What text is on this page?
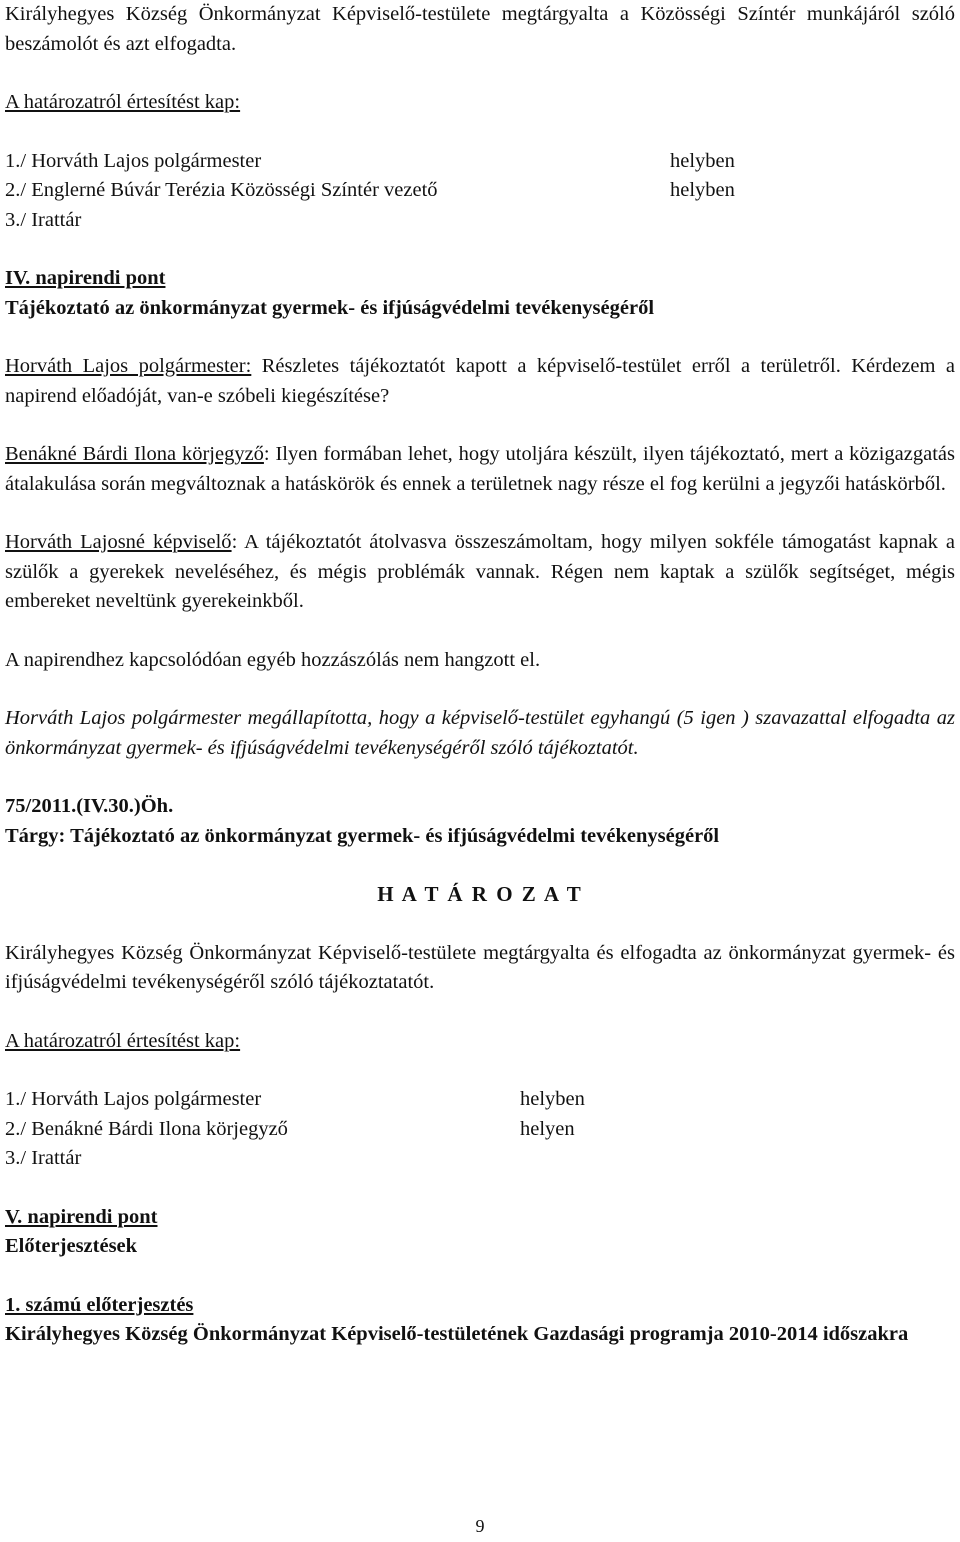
Királyhegyes Község Önkormányzat Képviselő-testülete megtárgyalta a Közösségi Színtér munkájáról szóló beszámolót és azt elfogadta.

A határozatról értesítést kap:

1./ Horváth Lajos polgármester	helyben
2./ Englerné Búvár Terézia Közösségi Színtér vezető	helyben
3./ Irattár

IV. napirendi pont

Tájékoztató az önkormányzat gyermek- és ifjúságvédelmi tevékenységéről

Horváth Lajos polgármester: Részletes tájékoztatót kapott a képviselő-testület erről a területről. Kérdezem a napirend előadóját, van-e szóbeli kiegészítése?

Benákné Bárdi Ilona körjegyző: Ilyen formában lehet, hogy utoljára készült, ilyen tájékoztató, mert a közigazgatás átalakulása során megváltoznak a hatáskörök és ennek a területnek nagy része el fog kerülni a jegyzői hatáskörből.

Horváth Lajosné képviselő: A tájékoztatót átolvasva összeszámoltam, hogy milyen sokféle támogatást kapnak a szülők a gyerekek neveléséhez, és mégis problémák vannak. Régen nem kaptak a szülők segítséget, mégis embereket neveltünk gyerekeinkből.

A napirendhez kapcsolódóan egyéb hozzászólás nem hangzott el.

Horváth Lajos polgármester megállapította, hogy a képviselő-testület egyhangú (5 igen ) szavazattal elfogadta az önkormányzat gyermek- és ifjúságvédelmi tevékenységéről szóló tájékoztatót.

75/2011.(IV.30.)Öh.

Tárgy: Tájékoztató az önkormányzat gyermek- és ifjúságvédelmi tevékenységéről

H A T Á R O Z A T

Királyhegyes Község Önkormányzat Képviselő-testülete megtárgyalta és elfogadta az önkormányzat gyermek- és ifjúságvédelmi tevékenységéről szóló tájékoztatatót.

A határozatról értesítést kap:

1./ Horváth Lajos polgármester	helyben
2./ Benákné Bárdi Ilona körjegyző	helyen
3./ Irattár

V. napirendi pont

Előterjesztések

1. számú előterjesztés

Királyhegyes Község Önkormányzat Képviselő-testületének Gazdasági programja 2010-2014 időszakra

9
